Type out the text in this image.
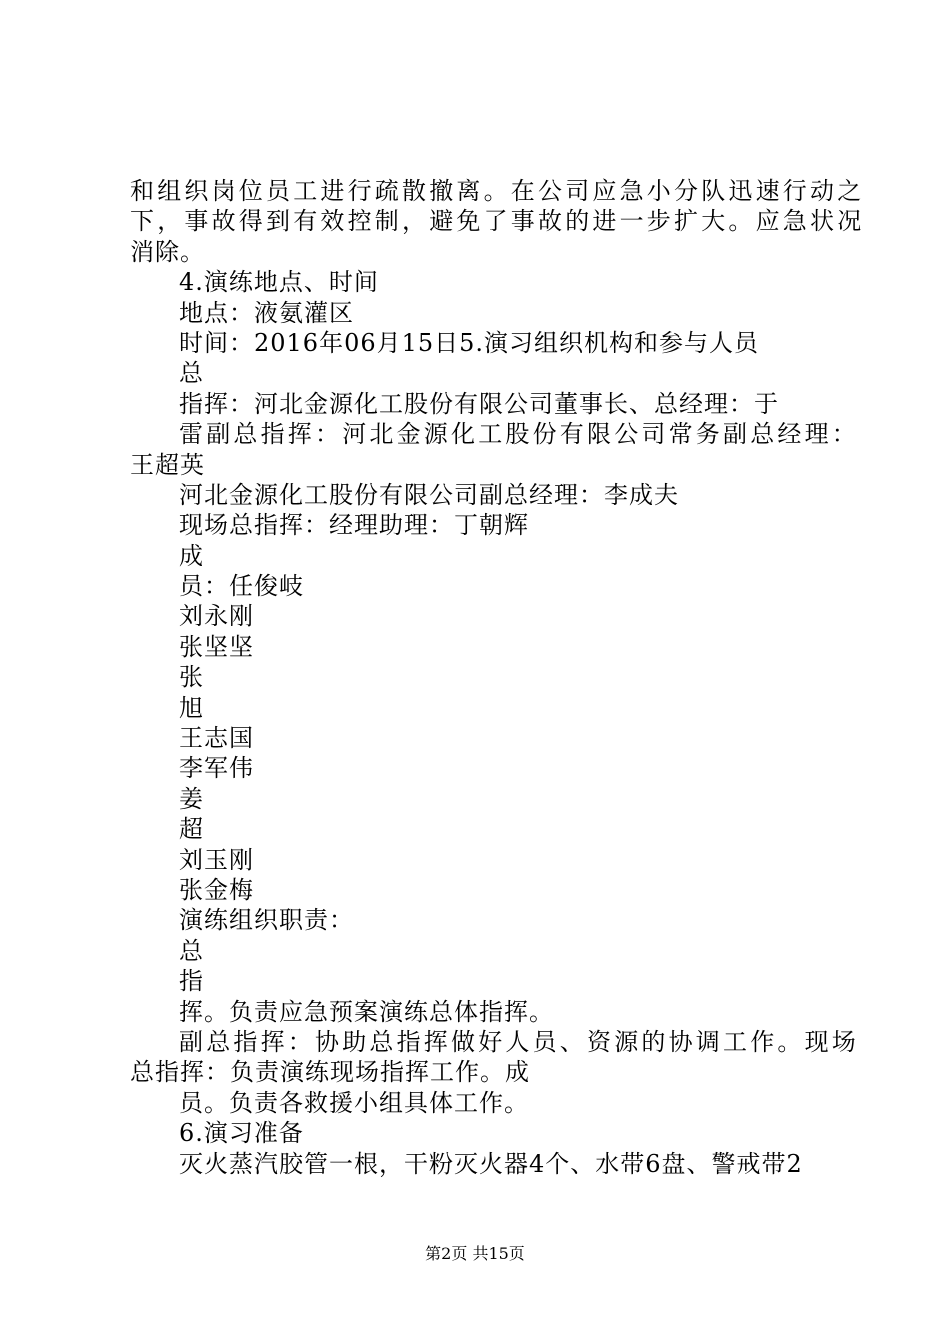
和组织岗位员工进行疏散撤离。在公司应急小分队迅速行动之
下，事故得到有效控制，避免了事故的进一步扩大。应急状况
消除。
4.演练地点、时间
地点：液氨灌区
时间：2016年06月15日5.演习组织机构和参与人员
总
指挥：河北金源化工股份有限公司董事长、总经理：于
雷副总指挥：河北金源化工股份有限公司常务副总经理：
王超英
河北金源化工股份有限公司副总经理：李成夫
现场总指挥：经理助理：丁朝辉
成
员：任俊岐
刘永刚
张坚坚
张
旭
王志国
李军伟
姜
超
刘玉刚
张金梅
演练组织职责：
总
指
挥。负责应急预案演练总体指挥。
副总指挥：协助总指挥做好人员、资源的协调工作。现场
总指挥：负责演练现场指挥工作。成
员。负责各救援小组具体工作。
6.演习准备
灭火蒸汽胶管一根，干粉灭火器4个、水带6盘、警戒带2
第2页 共15页
